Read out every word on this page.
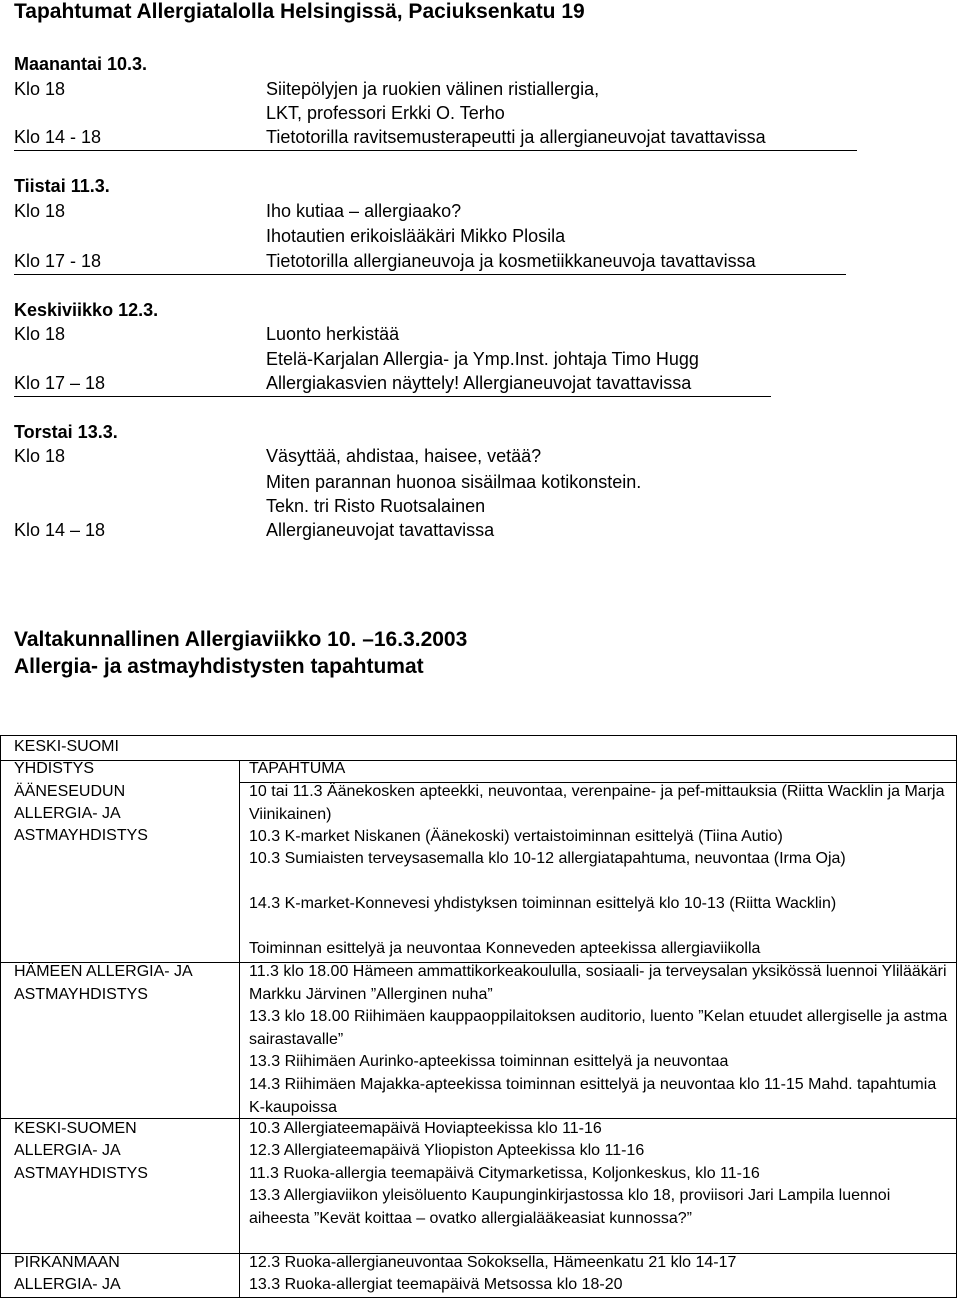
Tapahtumat Allergiatalolla Helsingissä, Paciuksenkatu 19
Maanantai 10.3.
Klo 18	Siitepölyjen ja ruokien välinen ristiallergia,
LKT, professori Erkki O. Terho
Klo 14 - 18	Tietotorilla ravitsemusterapeutti ja allergianeuvojat tavattavissa
Tiistai 11.3.
Klo 18	Iho kutiaa – allergiaako?
Ihotautien erikoislääkäri Mikko Plosila
Klo 17 - 18	Tietotorilla allergianeuvoja ja kosmetiikkaneuvoja tavattavissa
Keskiviikko 12.3.
Klo 18	Luonto herkistää
Etelä-Karjalan Allergia- ja Ymp.Inst. johtaja Timo Hugg
Klo 17 – 18	Allergiakasvien näyttely! Allergianeuvojat tavattavissa
Torstai 13.3.
Klo 18	Väsyttää, ahdistaa, haisee, vetää?
Miten parannan huonoa sisäilmaa kotikonstein.
Tekn. tri Risto Ruotsalainen
Klo 14 – 18	Allergianeuvojat tavattavissa
Valtakunnallinen Allergiaviikko 10. –16.3.2003
Allergia- ja astmayhdistysten tapahtumat
KESKI-SUOMI
YHDISTYS	TAPAHTUMA
ÄÄNESEUDUN
ALLERGIA- JA
ASTMAYHDISTYS
10 tai 11.3 Äänekosken apteekki, neuvontaa, verenpaine- ja pef-mittauksia (Riitta Wacklin ja Marja Viinikainen)
10.3 K-market Niskanen (Äänekoski) vertaistoiminnan esittelyä (Tiina Autio)
10.3 Sumiaisten terveysasemalla klo 10-12 allergiatapahtuma, neuvontaa (Irma Oja)
14.3 K-market-Konnevesi yhdistyksen toiminnan esittelyä klo 10-13 (Riitta Wacklin)
Toiminnan esittelyä ja neuvontaa Konneveden apteekissa allergiaviikolla
HÄMEEN ALLERGIA- JA
ASTMAYHDISTYS
11.3 klo 18.00 Hämeen ammattikorkeakoululla, sosiaali- ja terveysalan yksikössä luennoi Ylilääkäri Markku Järvinen ”Allerginen nuha”
13.3 klo 18.00 Riihimäen kauppaoppilaitoksen auditorio, luento ”Kelan etuudet allergiselle ja astma sairastavalle”
13.3 Riihimäen Aurinko-apteekissa toiminnan esittelyä ja neuvontaa
14.3 Riihimäen Majakka-apteekissa toiminnan esittelyä ja neuvontaa klo 11-15 Mahd. tapahtumia K-kaupoissa
KESKI-SUOMEN
ALLERGIA- JA
ASTMAYHDISTYS
10.3 Allergiateemapäivä Hoviapteekissa klo 11-16
12.3 Allergiateemapäivä Yliopiston Apteekissa klo 11-16
11.3 Ruoka-allergia teemapäivä Citymarketissa, Koljonkeskus, klo 11-16
13.3 Allergiaviikon yleisöluento Kaupunginkirjastossa klo 18, proviisori Jari Lampila luennoi aiheesta ”Kevät koittaa – ovatko allergialääkeasiat kunnossa?”
PIRKANMAAN
ALLERGIA- JA
12.3 Ruoka-allergianeuvontaa Sokoksella, Hämeenkatu 21 klo 14-17
13.3 Ruoka-allergiat teemapäivä Metsossa klo 18-20
